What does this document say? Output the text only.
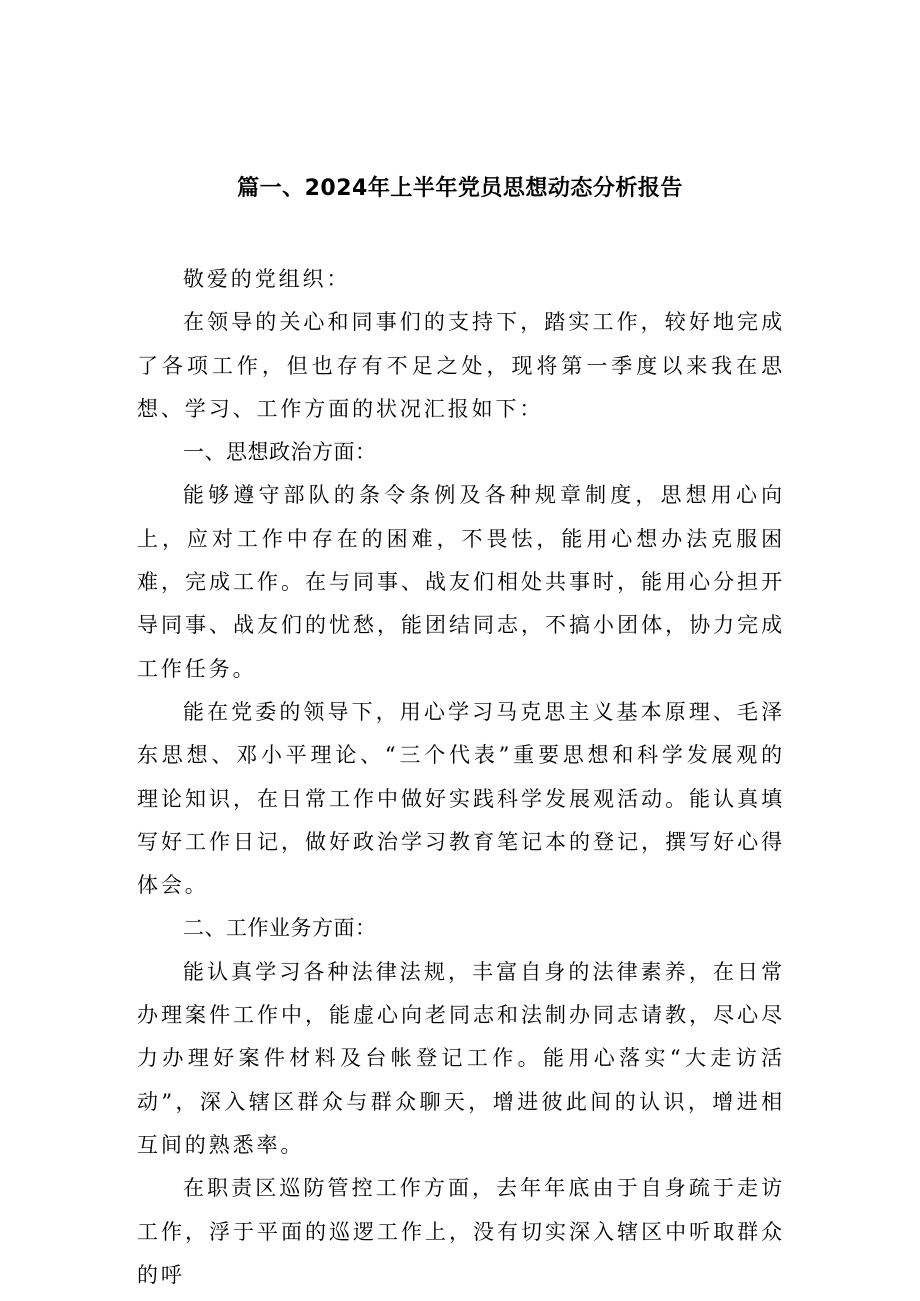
篇一、2024年上半年党员思想动态分析报告

敬爱的党组织：

在领导的关心和同事们的支持下，踏实工作，较好地完成了各项工作，但也存有不足之处，现将第一季度以来我在思想、学习、工作方面的状况汇报如下：

一、思想政治方面：

能够遵守部队的条令条例及各种规章制度，思想用心向上，应对工作中存在的困难，不畏怯，能用心想办法克服困难，完成工作。在与同事、战友们相处共事时，能用心分担开导同事、战友们的忧愁，能团结同志，不搞小团体，协力完成工作任务。

能在党委的领导下，用心学习马克思主义基本原理、毛泽东思想、邓小平理论、“三个代表”重要思想和科学发展观的理论知识，在日常工作中做好实践科学发展观活动。能认真填写好工作日记，做好政治学习教育笔记本的登记，撰写好心得体会。

二、工作业务方面：

能认真学习各种法律法规，丰富自身的法律素养，在日常办理案件工作中，能虚心向老同志和法制办同志请教，尽心尽力办理好案件材料及台帐登记工作。能用心落实“大走访活动”，深入辖区群众与群众聊天，增进彼此间的认识，增进相互间的熟悉率。

在职责区巡防管控工作方面，去年年底由于自身疏于走访工作，浮于平面的巡逻工作上，没有切实深入辖区中听取群众的呼
